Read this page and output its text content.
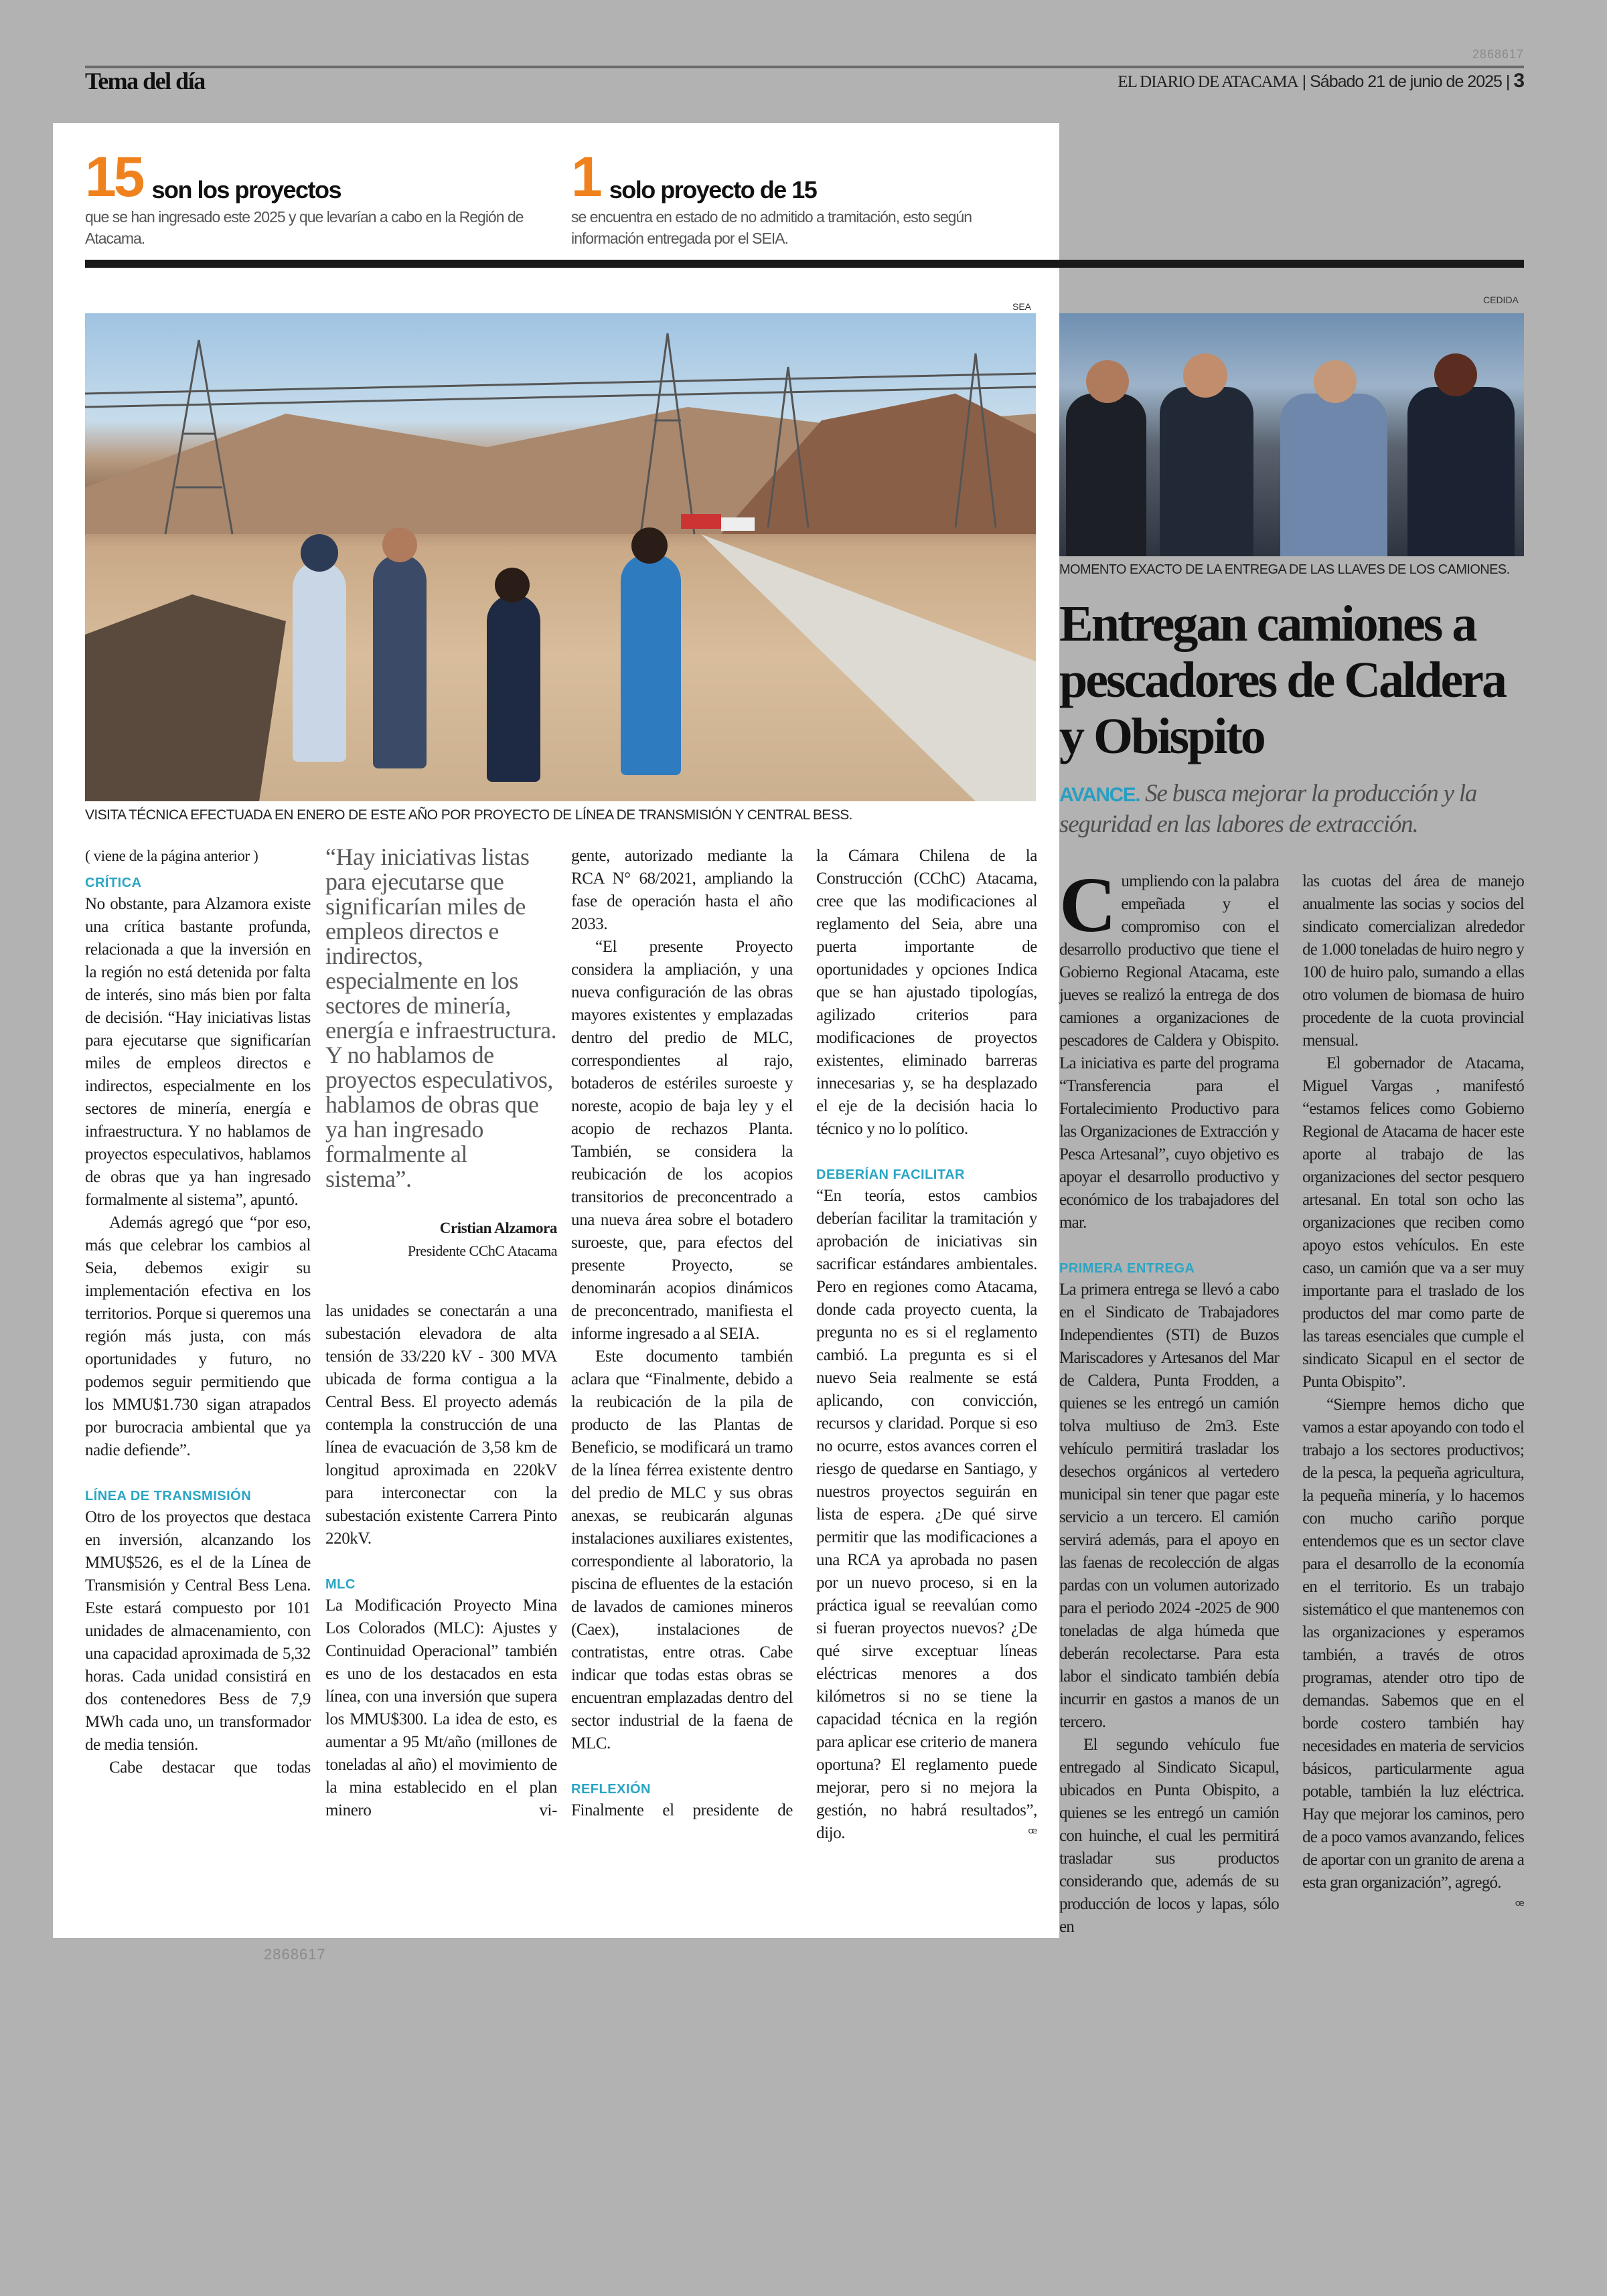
Tema del día
2868617
EL DIARIO DE ATACAMA | Sábado 21 de junio de 2025 | 3
15 son los proyectos
que se han ingresado este 2025 y que levarían a cabo en la Región de Atacama.
1 solo proyecto de 15
se encuentra en estado de no admitido a tramitación, esto según información entregada por el SEIA.
SEA
VISITA TÉCNICA EFECTUADA EN ENERO DE ESTE AÑO POR PROYECTO DE LÍNEA DE TRANSMISIÓN Y CENTRAL BESS.
CEDIDA
MOMENTO EXACTO DE LA ENTREGA DE LAS LLAVES DE LOS CAMIONES.
Entregan camiones a pescadores de Caldera y Obispito
AVANCE. Se busca mejorar la producción y la seguridad en las labores de extracción.

( viene de la página anterior )

CRÍTICA

No obstante, para Alzamora existe una crítica bastante profunda, relacionada a que la inversión en la región no está detenida por falta de interés, sino más bien por falta de decisión. “Hay iniciativas listas para ejecutarse que significarían miles de empleos directos e indirectos, especialmente en los sectores de minería, energía e infraestructura. Y no hablamos de proyectos especulativos, hablamos de obras que ya han ingresado formalmente al sistema”, apuntó.

Además agregó que “por eso, más que celebrar los cambios al Seia, debemos exigir su implementación efectiva en los territorios. Porque si queremos una región más justa, con más oportunidades y futuro, no podemos seguir permitiendo que los MMU$1.730 sigan atrapados por burocracia ambiental que ya nadie defiende”.

LÍNEA DE TRANSMISIÓN

Otro de los proyectos que destaca en inversión, alcanzando los MMU$526, es el de la Línea de Transmisión y Central Bess Lena. Este estará compuesto por 101 unidades de almacenamiento, con una capacidad aproximada de 5,32 horas. Cada unidad consistirá en dos contenedores Bess de 7,9 MWh cada uno, un transformador de media tensión.

Cabe destacar que todas

2868617
“Hay iniciativas listas para ejecutarse que significarían miles de empleos directos e indirectos, especialmente en los sectores de minería, energía e infraestructura. Y no hablamos de proyectos especulativos, hablamos de obras que ya han ingresado formalmente al sistema”.
Cristian Alzamora
Presidente CChC Atacama

las unidades se conectarán a una subestación elevadora de alta tensión de 33/220 kV - 300 MVA ubicada de forma contigua a la Central Bess. El proyecto además contempla la construcción de una línea de evacuación de 3,58 km de longitud aproximada en 220kV para interconectar con la subestación existente Carrera Pinto 220kV.

MLC

La Modificación Proyecto Mina Los Colorados (MLC): Ajustes y Continuidad Operacional” también es uno de los destacados en esta línea, con una inversión que supera los MMU$300. La idea de esto, es aumentar a 95 Mt/año (millones de toneladas al año) el movimiento de la mina establecido en el plan minero vi-

gente, autorizado mediante la RCA N° 68/2021, ampliando la fase de operación hasta el año 2033.

“El presente Proyecto considera la ampliación, y una nueva configuración de las obras mayores existentes y emplazadas dentro del predio de MLC, correspondientes al rajo, botaderos de estériles suroeste y noreste, acopio de baja ley y el acopio de rechazos Planta. También, se considera la reubicación de los acopios transitorios de preconcentrado a una nueva área sobre el botadero suroeste, que, para efectos del presente Proyecto, se denominarán acopios dinámicos de preconcentrado, manifiesta el informe ingresado a al SEIA.

Este documento también aclara que “Finalmente, debido a la reubicación de la pila de producto de las Plantas de Beneficio, se modificará un tramo de la línea férrea existente dentro del predio de MLC y sus obras anexas, se reubicarán algunas instalaciones auxiliares existentes, correspondiente al laboratorio, la piscina de efluentes de la estación de lavados de camiones mineros (Caex), instalaciones de contratistas, entre otras. Cabe indicar que todas estas obras se encuentran emplazadas dentro del sector industrial de la faena de MLC.

REFLEXIÓN

Finalmente el presidente de

la Cámara Chilena de la Construcción (CChC) Atacama, cree que las modificaciones al reglamento del Seia, abre una puerta importante de oportunidades y opciones Indica que se han ajustado tipologías, agilizado criterios para modificaciones de proyectos existentes, eliminado barreras innecesarias y, se ha desplazado el eje de la decisión hacia lo técnico y no lo político.

DEBERÍAN FACILITAR

“En teoría, estos cambios deberían facilitar la tramitación y aprobación de iniciativas sin sacrificar estándares ambientales. Pero en regiones como Atacama, donde cada proyecto cuenta, la pregunta no es si el reglamento cambió. La pregunta es si el nuevo Seia realmente se está aplicando, con convicción, recursos y claridad. Porque si eso no ocurre, estos avances corren el riesgo de quedarse en Santiago, y nuestros proyectos seguirán en lista de espera. ¿De qué sirve permitir que las modificaciones a una RCA ya aprobada no pasen por un nuevo proceso, si en la práctica igual se reevalúan como si fueran proyectos nuevos? ¿De qué sirve exceptuar líneas eléctricas menores a dos kilómetros si no se tiene la capacidad técnica en la región para aplicar ese criterio de manera oportuna? El reglamento puede mejorar, pero si no mejora la gestión, no habrá resultados”, dijo.	ꟹ

Cumpliendo con la palabra empeñada y el compromiso con el desarrollo productivo que tiene el Gobierno Regional Atacama, este jueves se realizó la entrega de dos camiones a organizaciones de pescadores de Caldera y Obispito. La iniciativa es parte del programa “Transferencia para el Fortalecimiento Productivo para las Organizaciones de Extracción y Pesca Artesanal”, cuyo objetivo es apoyar el desarrollo productivo y económico de los trabajadores del mar.

PRIMERA ENTREGA

La primera entrega se llevó a cabo en el Sindicato de Trabajadores Independientes (STI) de Buzos Mariscadores y Artesanos del Mar de Caldera, Punta Frodden, a quienes se les entregó un camión tolva multiuso de 2m3. Este vehículo permitirá trasladar los desechos orgánicos al vertedero municipal sin tener que pagar este servicio a un tercero. El camión servirá además, para el apoyo en las faenas de recolección de algas pardas con un volumen autorizado para el periodo 2024 -2025 de 900 toneladas de alga húmeda que deberán recolectarse. Para esta labor el sindicato también debía incurrir en gastos a manos de un tercero.

El segundo vehículo fue entregado al Sindicato Sicapul, ubicados en Punta Obispito, a quienes se les entregó un camión con huinche, el cual les permitirá trasladar sus productos considerando que, además de su producción de locos y lapas, sólo en

las cuotas del área de manejo anualmente las socias y socios del sindicato comercializan alrededor de 1.000 toneladas de huiro negro y 100 de huiro palo, sumando a ellas otro volumen de biomasa de huiro procedente de la cuota provincial mensual.

El gobernador de Atacama, Miguel Vargas , manifestó “estamos felices como Gobierno Regional de Atacama de hacer este aporte al trabajo de las organizaciones del sector pesquero artesanal. En total son ocho las organizaciones que reciben como apoyo estos vehículos. En este caso, un camión que va a ser muy importante para el traslado de los productos del mar como parte de las tareas esenciales que cumple el sindicato Sicapul en el sector de Punta Obispito”.

“Siempre hemos dicho que vamos a estar apoyando con todo el trabajo a los sectores productivos; de la pesca, la pequeña agricultura, la pequeña minería, y lo hacemos con mucho cariño porque entendemos que es un sector clave para el desarrollo de la economía en el territorio. Es un trabajo sistemático el que mantenemos con las organizaciones y esperamos también, a través de otros programas, atender otro tipo de demandas. Sabemos que en el borde costero también hay necesidades en materia de servicios básicos, particularmente agua potable, también la luz eléctrica. Hay que mejorar los caminos, pero de a poco vamos avanzando, felices de aportar con un granito de arena a esta gran organización”, agregó.
ꟹ
